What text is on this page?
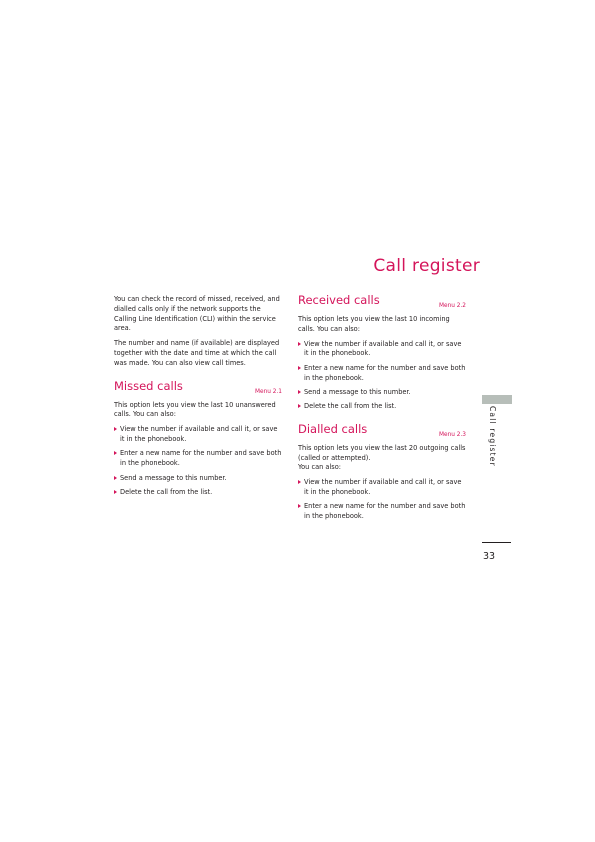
Call register

You can check the record of missed, received, and dialled calls only if the network supports the Calling Line Identification (CLI) within the service area.

The number and name (if available) are displayed together with the date and time at which the call was made. You can also view call times.

Missed calls	Menu 2.1

This option lets you view the last 10 unanswered calls. You can also:

View the number if available and call it, or save it in the phonebook.
Enter a new name for the number and save both in the phonebook.
Send a message to this number.
Delete the call from the list.
Received calls	Menu 2.2

This option lets you view the last 10 incoming calls. You can also:

View the number if available and call it, or save it in the phonebook.
Enter a new name for the number and save both in the phonebook.
Send a message to this number.
Delete the call from the list.
Dialled calls	Menu 2.3

This option lets you view the last 20 outgoing calls (called or attempted).

You can also:

View the number if available and call it, or save it in the phonebook.
Enter a new name for the number and save both in the phonebook.
Call register
33
